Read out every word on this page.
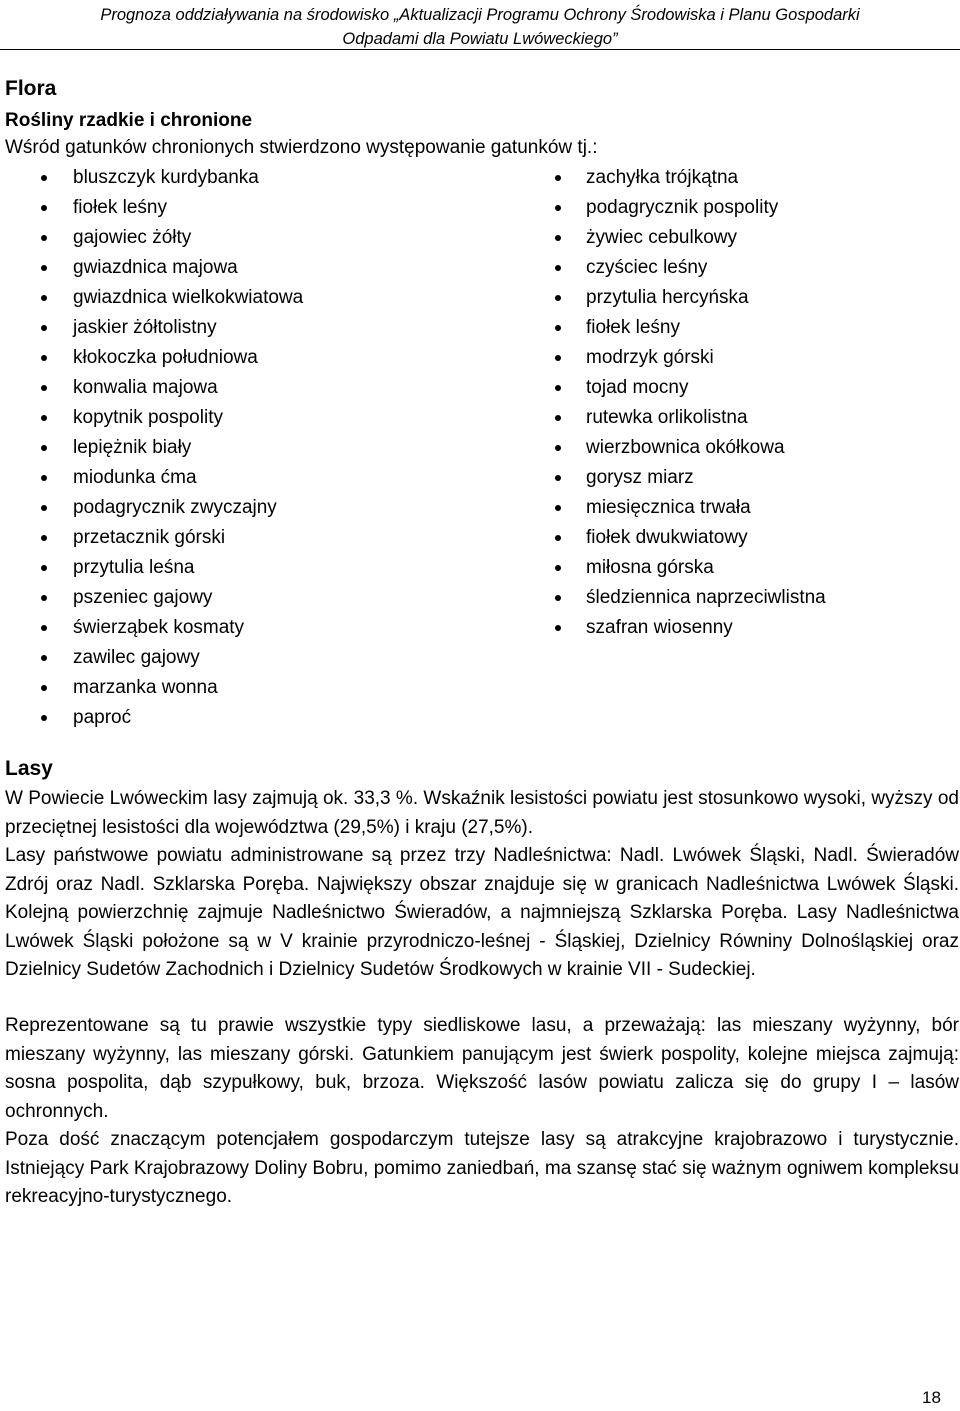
Prognoza oddziaływania na środowisko „Aktualizacji Programu Ochrony Środowiska i Planu Gospodarki
Odpadami dla Powiatu Lwóweckiego”
Flora
Rośliny rzadkie i chronione
Wśród gatunków chronionych stwierdzono występowanie gatunków tj.:
bluszczyk kurdybanka
fiołek leśny
gajowiec żółty
gwiazdnica majowa
gwiazdnica wielkokwiatowa
jaskier żółtolistny
kłokoczka południowa
konwalia majowa
kopytnik pospolity
lepiężnik biały
miodunka ćma
podagrycznik zwyczajny
przetacznik górski
przytulia leśna
pszeniec gajowy
świerząbek kosmaty
zawilec gajowy
marzanka wonna
paproć
zachyłka trójkątna
podagrycznik pospolity
żywiec cebulkowy
czyściec leśny
przytulia hercyńska
fiołek leśny
modrzyk górski
tojad mocny
rutewka orlikolistna
wierzbownica okółkowa
gorysz miarz
miesięcznica trwała
fiołek dwukwiatowy
miłosna górska
śledziennica naprzeciwlistna
szafran wiosenny
Lasy
W Powiecie Lwóweckim lasy zajmują ok. 33,3 %. Wskaźnik lesistości powiatu jest stosunkowo wysoki, wyższy od przeciętnej lesistości dla województwa (29,5%) i kraju (27,5%).
Lasy państwowe powiatu administrowane są przez trzy Nadleśnictwa: Nadl. Lwówek Śląski, Nadl. Świeradów Zdrój oraz Nadl. Szklarska Poręba. Największy obszar znajduje się w granicach Nadleśnictwa Lwówek Śląski. Kolejną powierzchnię zajmuje Nadleśnictwo Świeradów, a najmniejszą Szklarska Poręba. Lasy Nadleśnictwa Lwówek Śląski położone są w V krainie przyrodniczo-leśnej - Śląskiej, Dzielnicy Równiny Dolnośląskiej oraz Dzielnicy Sudetów Zachodnich i Dzielnicy Sudetów Środkowych w krainie VII - Sudeckiej.
Reprezentowane są tu prawie wszystkie typy siedliskowe lasu, a przeważają: las mieszany wyżynny, bór mieszany wyżynny, las mieszany górski. Gatunkiem panującym jest świerk pospolity, kolejne miejsca zajmują: sosna pospolita, dąb szypułkowy, buk, brzoza. Większość lasów powiatu zalicza się do grupy I – lasów ochronnych.
Poza dość znaczącym potencjałem gospodarczym tutejsze lasy są atrakcyjne krajobrazowo i turystycznie. Istniejący Park Krajobrazowy Doliny Bobru, pomimo zaniedbań, ma szansę stać się ważnym ogniwem kompleksu rekreacyjno-turystycznego.
18
